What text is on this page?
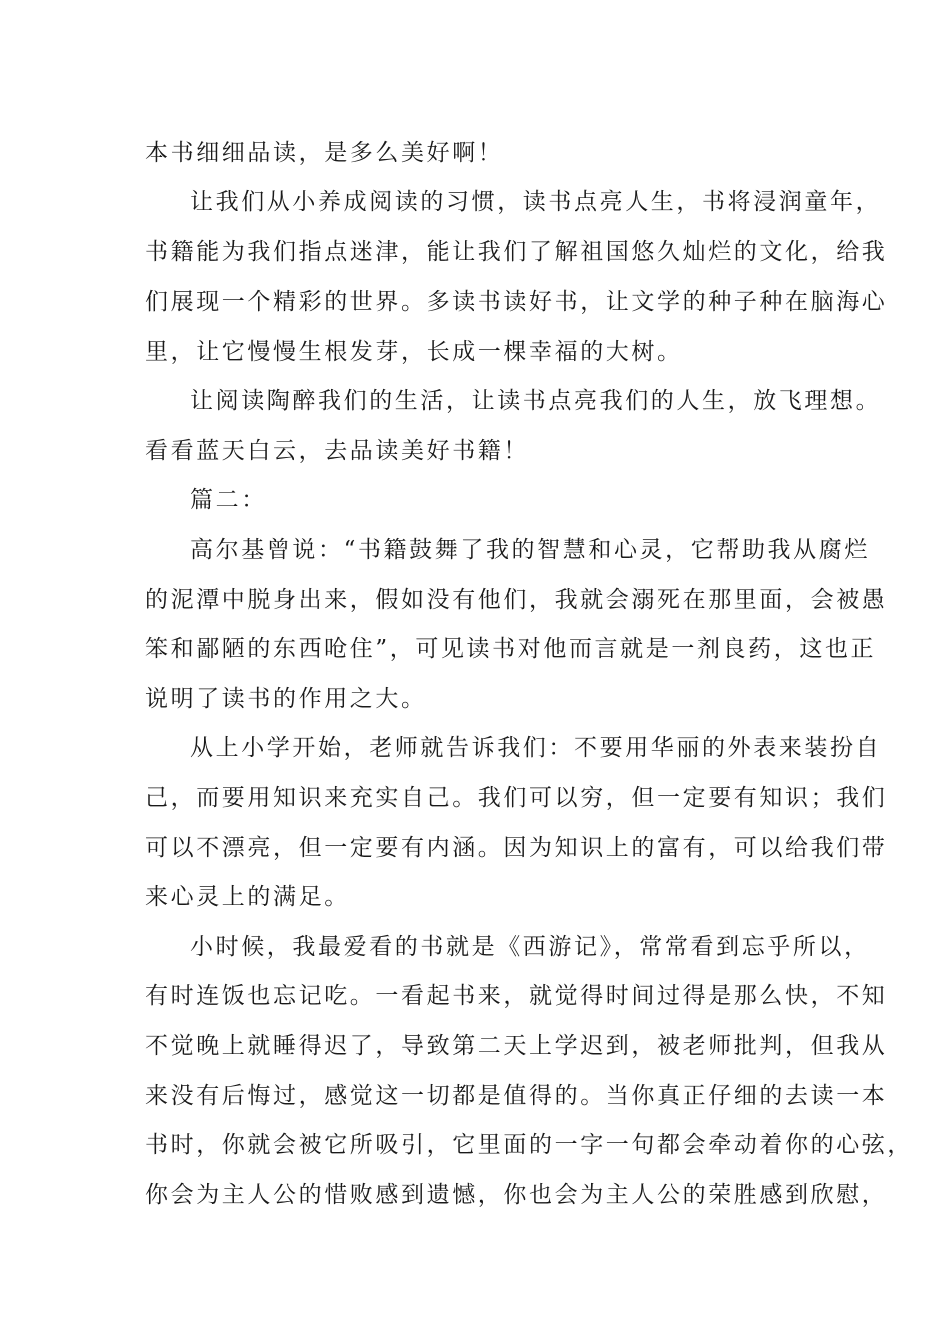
本书细细品读，是多么美好啊！
让我们从小养成阅读的习惯，读书点亮人生，书将浸润童年，
书籍能为我们指点迷津，能让我们了解祖国悠久灿烂的文化，给我
们展现一个精彩的世界。多读书读好书，让文学的种子种在脑海心
里，让它慢慢生根发芽，长成一棵幸福的大树。
让阅读陶醉我们的生活，让读书点亮我们的人生，放飞理想。
看看蓝天白云，去品读美好书籍！
篇二：
高尔基曾说：“书籍鼓舞了我的智慧和心灵，它帮助我从腐烂
的泥潭中脱身出来，假如没有他们，我就会溺死在那里面，会被愚
笨和鄙陋的东西呛住”，可见读书对他而言就是一剂良药，这也正
说明了读书的作用之大。
从上小学开始，老师就告诉我们：不要用华丽的外表来装扮自
己，而要用知识来充实自己。我们可以穷，但一定要有知识；我们
可以不漂亮，但一定要有内涵。因为知识上的富有，可以给我们带
来心灵上的满足。
小时候，我最爱看的书就是《西游记》，常常看到忘乎所以，
有时连饭也忘记吃。一看起书来，就觉得时间过得是那么快，不知
不觉晚上就睡得迟了，导致第二天上学迟到，被老师批判，但我从
来没有后悔过，感觉这一切都是值得的。当你真正仔细的去读一本
书时，你就会被它所吸引，它里面的一字一句都会牵动着你的心弦，
你会为主人公的惜败感到遗憾，你也会为主人公的荣胜感到欣慰，
